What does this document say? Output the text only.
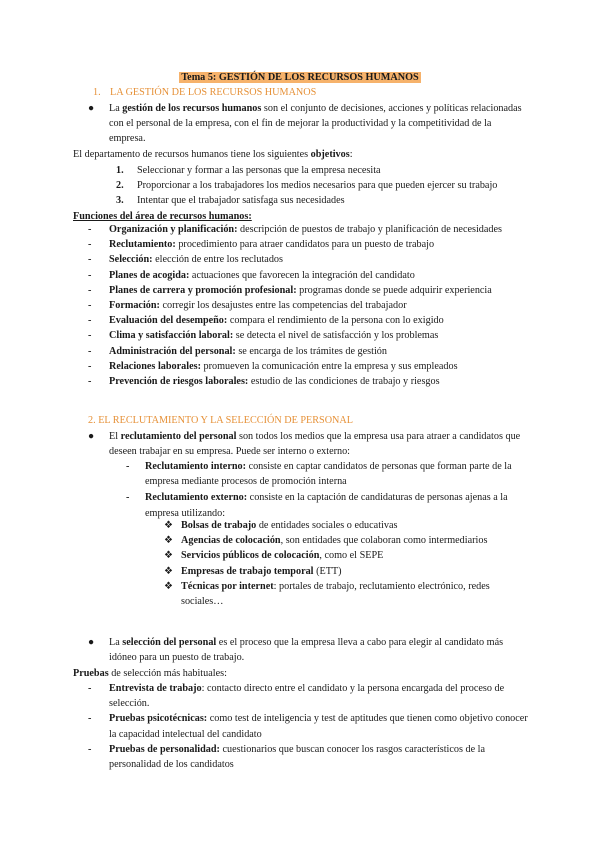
Tema 5: GESTIÓN DE LOS RECURSOS HUMANOS
1. LA GESTIÓN DE LOS RECURSOS HUMANOS
● La gestión de los recursos humanos son el conjunto de decisiones, acciones y políticas relacionadas con el personal de la empresa, con el fin de mejorar la productividad y la competitividad de la empresa.
El departamento de recursos humanos tiene los siguientes objetivos:
1. Seleccionar y formar a las personas que la empresa necesita
2. Proporcionar a los trabajadores los medios necesarios para que pueden ejercer su trabajo
3. Intentar que el trabajador satisfaga sus necesidades
Funciones del área de recursos humanos:
- Organización y planificación: descripción de puestos de trabajo y planificación de necesidades
- Reclutamiento: procedimiento para atraer candidatos para un puesto de trabajo
- Selección: elección de entre los reclutados
- Planes de acogida: actuaciones que favorecen la integración del candidato
- Planes de carrera y promoción profesional: programas donde se puede adquirir experiencia
- Formación: corregir los desajustes entre las competencias del trabajador
- Evaluación del desempeño: compara el rendimiento de la persona con lo exigido
- Clima y satisfacción laboral: se detecta el nivel de satisfacción y los problemas
- Administración del personal: se encarga de los trámites de gestión
- Relaciones laborales: promueven la comunicación entre la empresa y sus empleados
- Prevención de riesgos laborales: estudio de las condiciones de trabajo y riesgos
2. EL RECLUTAMIENTO Y LA SELECCIÓN DE PERSONAL
● El reclutamiento del personal son todos los medios que la empresa usa para atraer a candidatos que deseen trabajar en su empresa. Puede ser interno o externo:
- Reclutamiento interno: consiste en captar candidatos de personas que forman parte de la empresa mediante procesos de promoción interna
- Reclutamiento externo: consiste en la captación de candidaturas de personas ajenas a la empresa utilizando:
❖ Bolsas de trabajo de entidades sociales o educativas
❖ Agencias de colocación, son entidades que colaboran como intermediarios
❖ Servicios públicos de colocación, como el SEPE
❖ Empresas de trabajo temporal (ETT)
❖ Técnicas por internet: portales de trabajo, reclutamiento electrónico, redes sociales…
● La selección del personal es el proceso que la empresa lleva a cabo para elegir al candidato más idóneo para un puesto de trabajo.
Pruebas de selección más habituales:
- Entrevista de trabajo: contacto directo entre el candidato y la persona encargada del proceso de selección.
- Pruebas psicotécnicas: como test de inteligencia y test de aptitudes que tienen como objetivo conocer la capacidad intelectual del candidato
- Pruebas de personalidad: cuestionarios que buscan conocer los rasgos característicos de la personalidad de los candidatos
